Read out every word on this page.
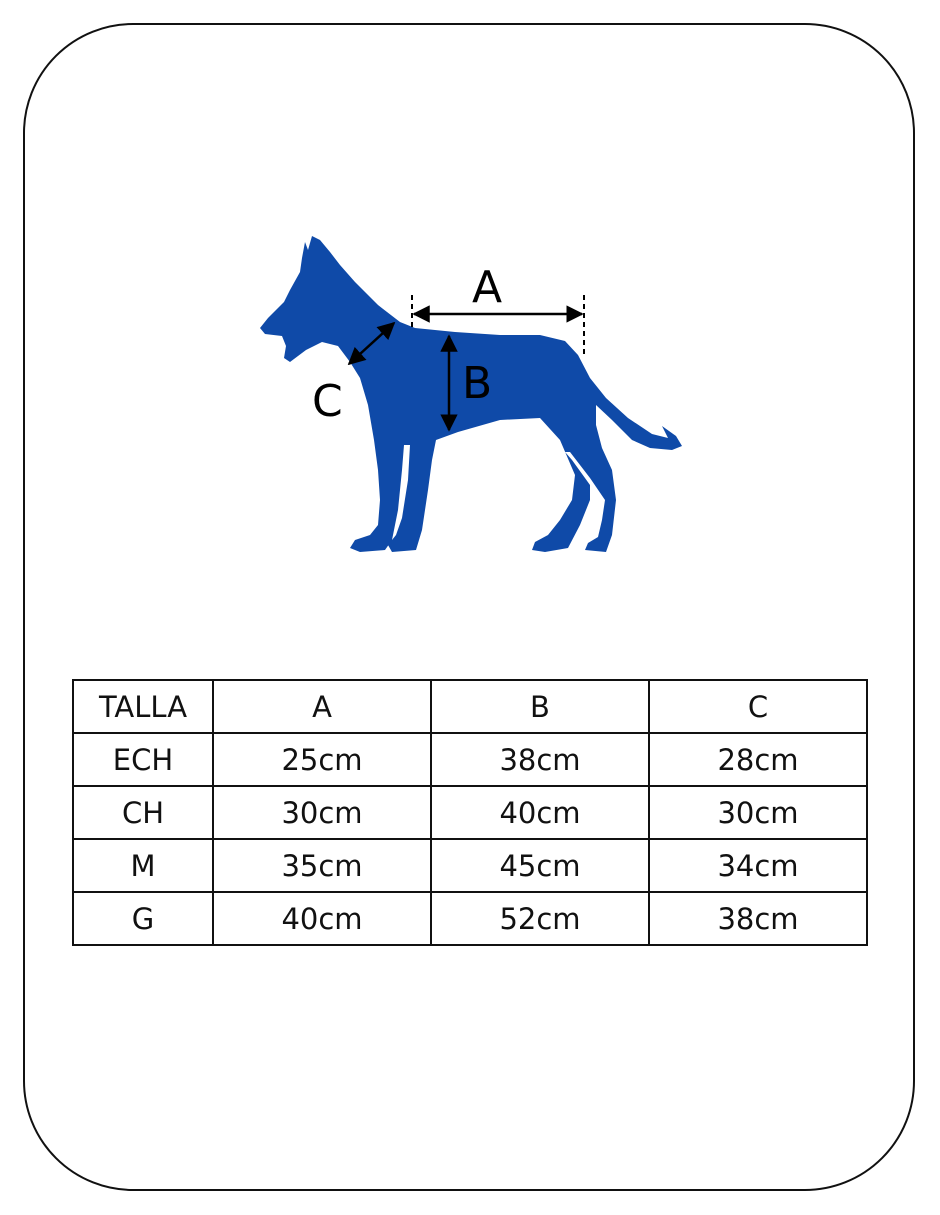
A
B
C
TALLA	A	B	C
ECH	25cm	38cm	28cm
CH	30cm	40cm	30cm
M	35cm	45cm	34cm
G	40cm	52cm	38cm
